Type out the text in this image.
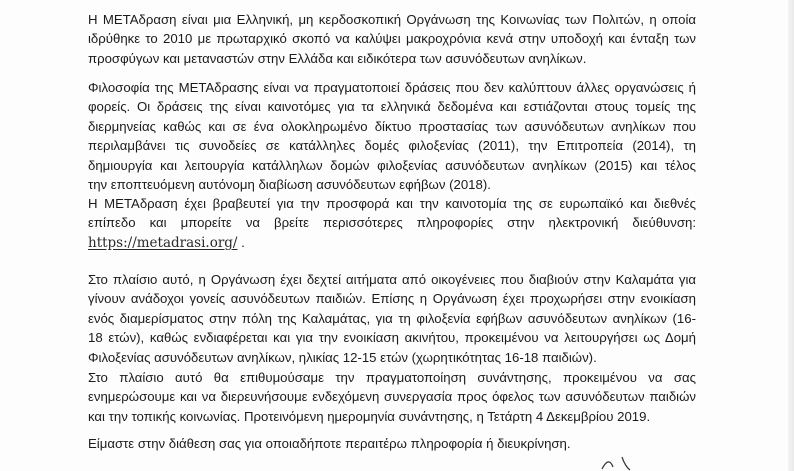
Η ΜΕΤΑδραση είναι μια Ελληνική, μη κερδοσκοπική Οργάνωση της Κοινωνίας των Πολιτών, η οποία
ιδρύθηκε το 2010 με πρωταρχικό σκοπό να καλύψει μακροχρόνια κενά στην υποδοχή και ένταξη των
προσφύγων και μεταναστών στην Ελλάδα και ειδικότερα των ασυνόδευτων ανηλίκων.

Φιλοσοφία της ΜΕΤΑδρασης είναι να πραγματοποιεί δράσεις που δεν καλύπτουν άλλες οργανώσεις ή
φορείς. Οι δράσεις της είναι καινοτόμες για τα ελληνικά δεδομένα και εστιάζονται στους τομείς της
διερμηνείας καθώς και σε ένα ολοκληρωμένο δίκτυο προστασίας των ασυνόδευτων ανηλίκων που
περιλαμβάνει τις συνοδείες σε κατάλληλες δομές φιλοξενίας (2011), την Επιτροπεία (2014), τη
δημιουργία και λειτουργία κατάλληλων δομών φιλοξενίας ασυνόδευτων ανηλίκων (2015) και τέλος
την εποπτευόμενη αυτόνομη διαβίωση ασυνόδευτων εφήβων (2018).

Η ΜΕΤΑδραση έχει βραβευτεί για την προσφορά και την καινοτομία της σε ευρωπαϊκό και διεθνές
επίπεδο και μπορείτε να βρείτε περισσότερες πληροφορίες στην ηλεκτρονική διεύθυνση:
https://metadrasi.org/ .

Στο πλαίσιο αυτό, η Οργάνωση έχει δεχτεί αιτήματα από οικογένειες που διαβιούν στην Καλαμάτα για
γίνουν ανάδοχοι γονείς ασυνόδευτων παιδιών. Επίσης η Οργάνωση έχει προχωρήσει στην ενοικίαση
ενός διαμερίσματος στην πόλη της Καλαμάτας, για τη φιλοξενία εφήβων ασυνόδευτων ανηλίκων (16-
18 ετών), καθώς ενδιαφέρεται και για την ενοικίαση ακινήτου, προκειμένου να λειτουργήσει ως Δομή
Φιλοξενίας ασυνόδευτων ανηλίκων, ηλικίας 12-15 ετών (χωρητικότητας 16-18 παιδιών).

Στο πλαίσιο αυτό θα επιθυμούσαμε την πραγματοποίηση συνάντησης, προκειμένου να σας
ενημερώσουμε και να διερευνήσουμε ενδεχόμενη συνεργασία προς όφελος των ασυνόδευτων παιδιών
και την τοπικής κοινωνίας. Προτεινόμενη ημερομηνία συνάντησης, η Τετάρτη 4 Δεκεμβρίου 2019.

Είμαστε στην διάθεση σας για οποιαδήποτε περαιτέρω πληροφορία ή διευκρίνηση.
